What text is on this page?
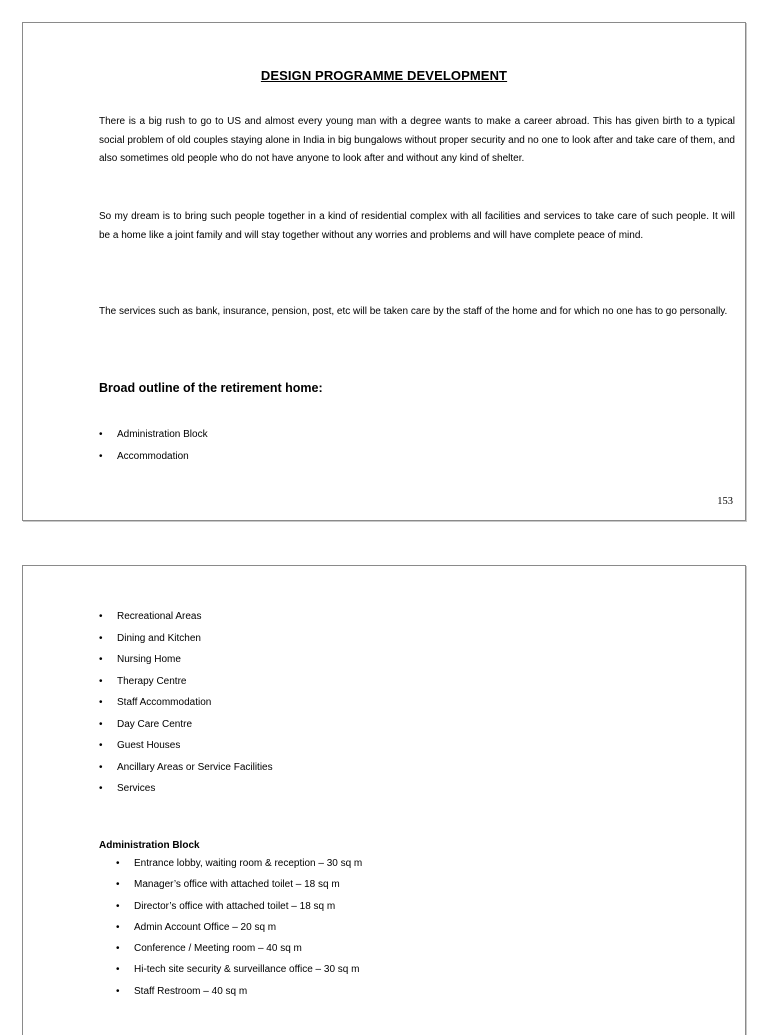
DESIGN PROGRAMME DEVELOPMENT

There is a big rush to go to US and almost every young man with a degree wants to make a career abroad. This has given birth to a typical social problem of old couples staying alone in India in big bungalows without proper security and no one to look after and take care of them, and also sometimes old people who do not have anyone to look after and without any kind of shelter.

So my dream is to bring such people together in a kind of residential complex with all facilities and services to take care of such people. It will be a home like a joint family and will stay together without any worries and problems and will have complete peace of mind.

The services such as bank, insurance, pension, post, etc will be taken care by the staff of the home and for which no one has to go personally.

Broad outline of the retirement home:
• Administration Block
• Accommodation
153
• Recreational Areas
• Dining and Kitchen
• Nursing Home
• Therapy Centre
• Staff Accommodation
• Day Care Centre
• Guest Houses
• Ancillary Areas or Service Facilities
• Services
Administration Block
• Entrance lobby, waiting room & reception – 30 sq m
• Manager’s office with attached toilet – 18 sq m
• Director’s office with attached toilet – 18 sq m
• Admin Account Office – 20 sq m
• Conference / Meeting room – 40 sq m
• Hi-tech site security & surveillance office – 30 sq m
• Staff Restroom – 40 sq m
